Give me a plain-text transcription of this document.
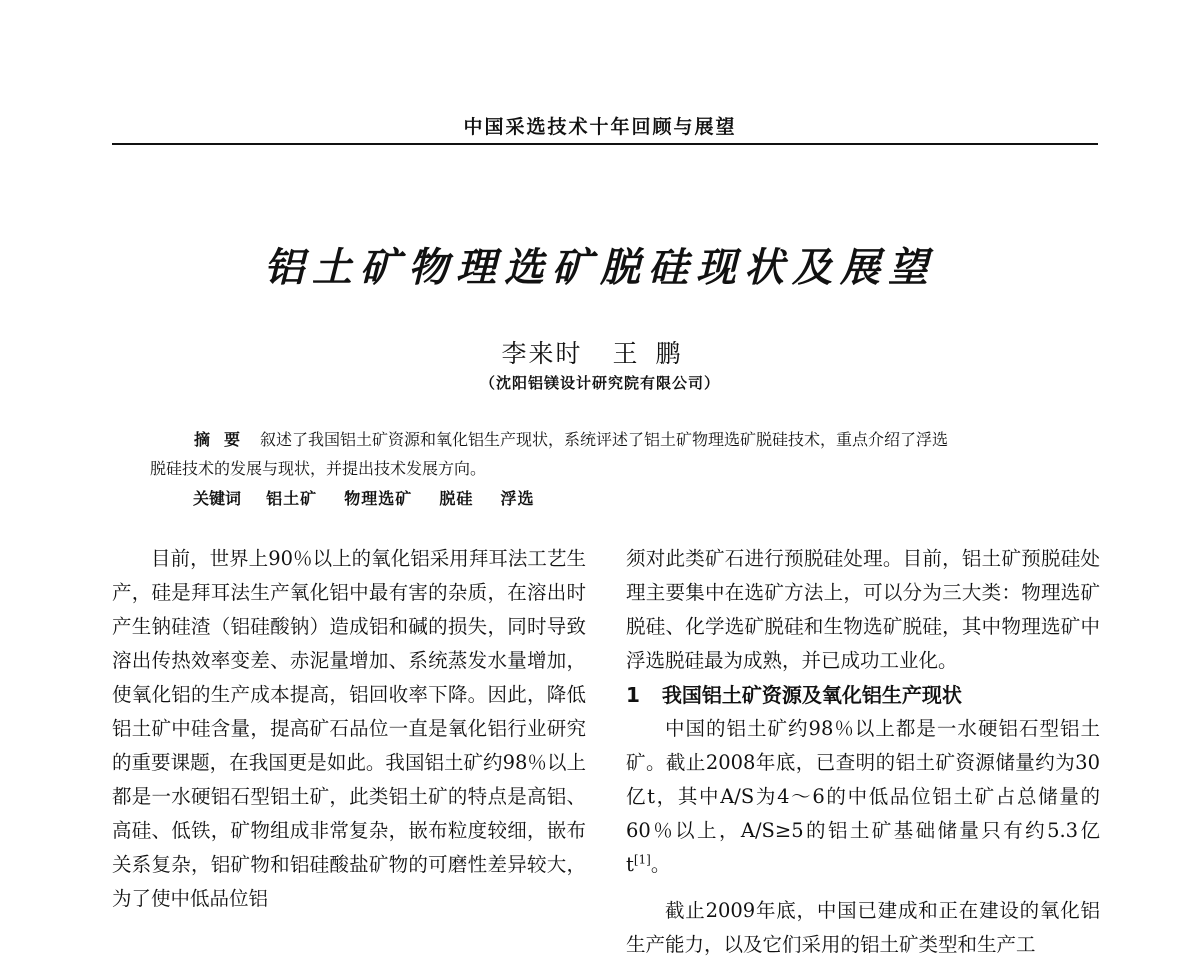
中国采选技术十年回顾与展望
铝土矿物理选矿脱硅现状及展望
李来时 王鹏
（沈阳铝镁设计研究院有限公司）
摘要 叙述了我国铝土矿资源和氧化铝生产现状，系统评述了铝土矿物理选矿脱硅技术，重点介绍了浮选
脱硅技术的发展与现状，并提出技术发展方向。
关键词 铝土矿 物理选矿 脱硅 浮选

目前，世界上90％以上的氧化铝采用拜耳法工艺生产，硅是拜耳法生产氧化铝中最有害的杂质，在溶出时产生钠硅渣（铝硅酸钠）造成铝和碱的损失，同时导致溶出传热效率变差、赤泥量增加、系统蒸发水量增加，使氧化铝的生产成本提高，铝回收率下降。因此，降低铝土矿中硅含量，提高矿石品位一直是氧化铝行业研究的重要课题，在我国更是如此。我国铝土矿约98％以上都是一水硬铝石型铝土矿，此类铝土矿的特点是高铝、高硅、低铁，矿物组成非常复杂，嵌布粒度较细，嵌布关系复杂，铝矿物和铝硅酸盐矿物的可磨性差异较大，为了使中低品位铝

须对此类矿石进行预脱硅处理。目前，铝土矿预脱硅处理主要集中在选矿方法上，可以分为三大类：物理选矿脱硅、化学选矿脱硅和生物选矿脱硅，其中物理选矿中浮选脱硅最为成熟，并已成功工业化。

1 我国铝土矿资源及氧化铝生产现状

中国的铝土矿约98％以上都是一水硬铝石型铝土矿。截止2008年底，已查明的铝土矿资源储量约为30亿t，其中A/S为4～6的中低品位铝土矿占总储量的60％以上，A/S≥5的铝土矿基础储量只有约5.3亿t[1]。

截止2009年底，中国已建成和正在建设的氧化铝生产能力，以及它们采用的铝土矿类型和生产工
